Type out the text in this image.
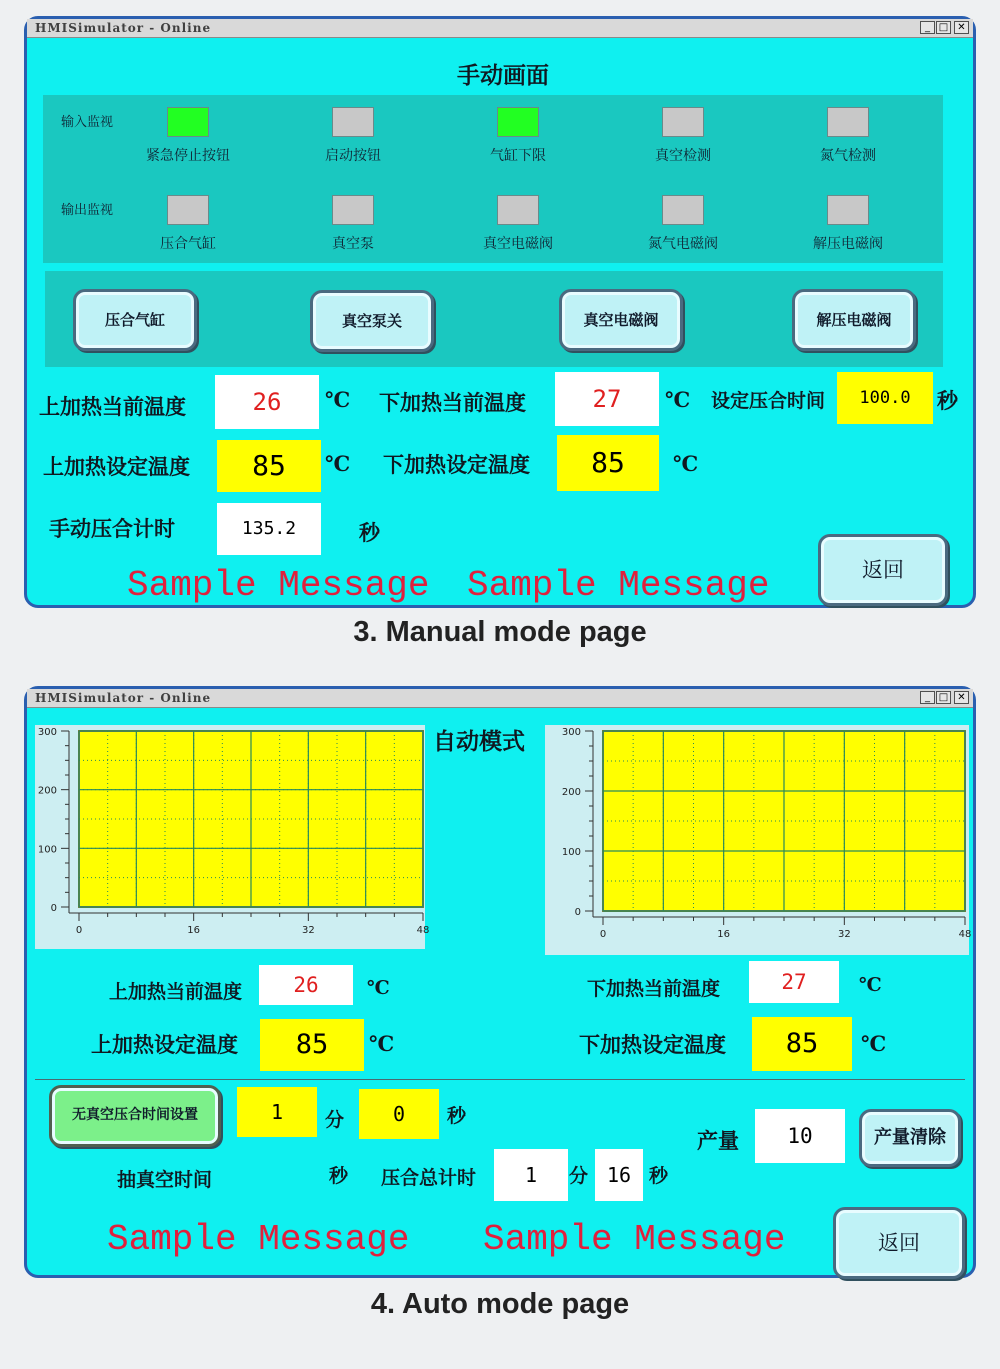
HMISimulator - Online	_ □ ✕
手动画面
输入监视
输出监视
压合气缸	真空泵关	真空电磁阀	解压电磁阀
上加热当前温度	26	℃ 下加热当前温度	27	℃ 设定压合时间	100.0	秒
上加热设定温度	85	℃ 下加热设定温度	85	℃
手动压合计时	135.2	秒
Sample Message Sample Message	返回
紧急停止按钮	启动按钮	气缸下限	真空检测	氮气检测
压合气缸	真空泵	真空电磁阀	氮气电磁阀	解压电磁阀
3. Manual mode page
HMISimulator - Online	_ □ ✕
自动模式
0
100
200
300
0	16	32	48
0
100
200
300
0	16	32	48
上加热当前温度	26	℃	下加热当前温度	27	℃
上加热设定温度	85	℃	下加热设定温度	85	℃
无真空压合时间设置	1	分	0	秒
抽真空时间	秒 压合总计时	1	分 16 秒
产量	10	产量清除
Sample Message Sample Message	返回
4. Auto mode page
